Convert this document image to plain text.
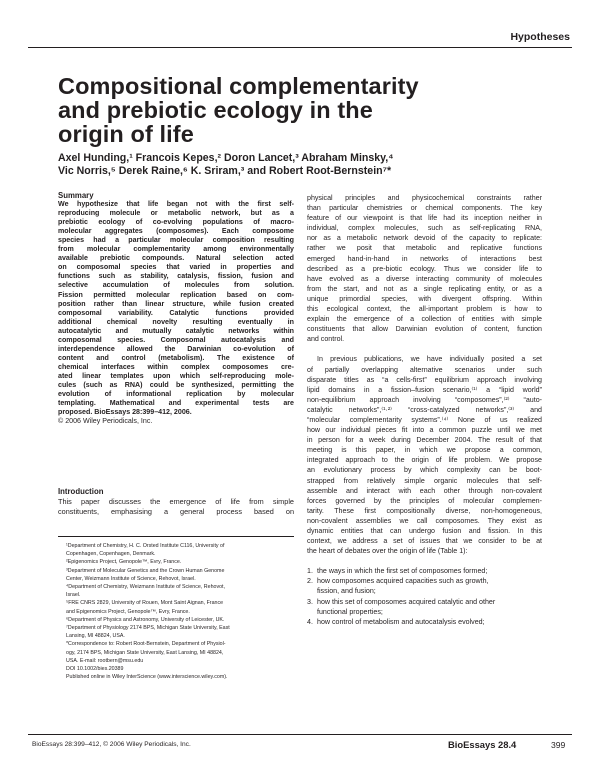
Hypotheses
Compositional complementarity
and prebiotic ecology in the
origin of life
Axel Hunding,¹ Francois Kepes,² Doron Lancet,³ Abraham Minsky,⁴
Vic Norris,⁵ Derek Raine,⁶ K. Sriram,³ and Robert Root-Bernstein⁷*
Summary
We hypothesize that life began not with the first self-
reproducing molecule or metabolic network, but as a
prebiotic ecology of co-evolving populations of macro-
molecular aggregates (composomes). Each composome
species had a particular molecular composition resulting
from molecular complementarity among environmentally
available prebiotic compounds. Natural selection acted
on composomal species that varied in properties and
functions such as stability, catalysis, fission, fusion and
selective accumulation of molecules from solution.
Fission permitted molecular replication based on com-
position rather than linear structure, while fusion created
composomal variability. Catalytic functions provided
additional chemical novelty resulting eventually in
autocatalytic and mutually catalytic networks within
composomal species. Composomal autocatalysis and
interdependence allowed the Darwinian co-evolution of
content and control (metabolism). The existence of
chemical interfaces within complex composomes cre-
ated linear templates upon which self-reproducing mole-
cules (such as RNA) could be synthesized, permitting the
evolution of informational replication by molecular
templating. Mathematical and experimental tests are
proposed. BioEssays 28:399–412, 2006.
© 2006 Wiley Periodicals, Inc.
Introduction
This paper discusses the emergence of life from simple
constituents, emphasising a general process based on
¹Department of Chemistry, H. C. Orsted Institute C116, University of
Copenhagen, Copenhagen, Denmark.
²Epigenomics Project, Genopole™, Evry, France.
³Department of Molecular Genetics and the Crown Human Genome
Center, Weizmann Institute of Science, Rehovot, Israel.
⁴Department of Chemistry, Weizmann Institute of Science, Rehovot,
Israel.
⁵FRE CNRS 2829, University of Rouen, Mont Saint Aignan, France
and Epigenomics Project, Genopole™, Evry, France.
⁶Department of Physics and Astronomy, University of Leicester, UK.
⁷Department of Physiology 2174 BPS, Michigan State University, East
Lansing, MI 48824, USA.
*Correspondence to: Robert Root-Bernstein, Department of Physiol-
ogy, 2174 BPS, Michigan State University, East Lansing, MI 48824,
USA. E-mail: rootbern@msu.edu
DOI 10.1002/bies.20389
Published online in Wiley InterScience (www.interscience.wiley.com).
physical principles and physicochemical constraints rather
than particular chemistries or chemical components. The key
feature of our viewpoint is that life had its inception neither in
individual, complex molecules, such as self-replicating RNA,
nor as a metabolic network devoid of the capacity to replicate:
rather we posit that metabolic and replicative functions
emerged hand-in-hand in networks of interactions best
described as a pre-biotic ecology. Thus we consider life to
have evolved as a diverse interacting community of molecules
from the start, and not as a single replicating entity, or as a
unique primordial species, with divergent offspring. Within
this ecological context, the all-important problem is how to
explain the emergence of a collection of entities with simple
constituents that allow Darwinian evolution of content, function
and control.
In previous publications, we have individually posited a set
of partially overlapping alternative scenarios under such
disparate titles as “a cells-first” equilibrium approach involving
lipid domains in a fission–fusion scenario,⁽¹⁾ a “lipid world”
non-equilibrium approach involving “composomes”,⁽²⁾ “auto-
catalytic networks”,⁽¹·²⁾ “cross-catalyzed networks”,⁽³⁾ and
“molecular complementarity systems”.⁽⁴⁾ None of us realized
how our individual pieces fit into a common puzzle until we met
in person for a week during December 2004. The result of that
meeting is this paper, in which we propose a common,
integrated approach to the origin of life problem. We propose
an evolutionary process by which complexity can be boot-
strapped from relatively simple organic molecules that self-
assemble and interact with each other through non-covalent
forces governed by the principles of molecular complemen-
tarity. These first compositionally diverse, non-homogeneous,
non-covalent assemblies we call composomes. They exist as
dynamic entities that can undergo fusion and fission. In this
context, we address a set of issues that we consider to be at
the heart of debates over the origin of life (Table 1):
1. the ways in which the first set of composomes formed;
2. how composomes acquired capacities such as growth,
fission, and fusion;
3. how this set of composomes acquired catalytic and other
functional properties;
4. how control of metabolism and autocatalysis evolved;
BioEssays 28:399–412, © 2006 Wiley Periodicals, Inc.	BioEssays 28.4	399
